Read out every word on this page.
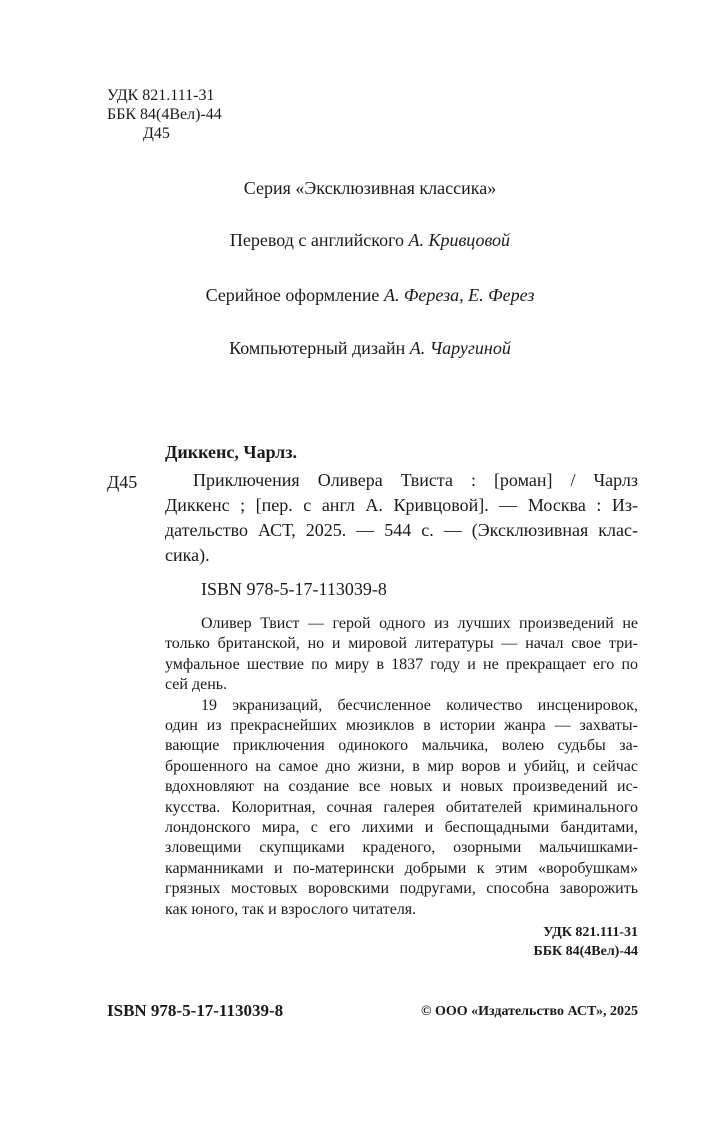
УДК 821.111-31
ББК 84(4Вел)-44
Д45
Серия «Эксклюзивная классика»
Перевод с английского А. Кривцовой
Серийное оформление А. Фереза, Е. Ферез
Компьютерный дизайн А. Чаругиной
Диккенс, Чарлз.
Д45	Приключения Оливера Твиста : [роман] / Чарлз
Диккенс ; [пер. с англ А. Кривцовой]. — Москва : Из-
дательство АСТ, 2025. — 544 с. — (Эксклюзивная клас-
сика).
ISBN 978-5-17-113039-8
Оливер Твист — герой одного из лучших произведений не
только британской, но и мировой литературы — начал свое три-
умфальное шествие по миру в 1837 году и не прекращает его по
сей день.
19 экранизаций, бесчисленное количество инсценировок,
один из прекраснейших мюзиклов в истории жанра — захваты-
вающие приключения одинокого мальчика, волею судьбы за-
брошенного на самое дно жизни, в мир воров и убийц, и сейчас
вдохновляют на создание все новых и новых произведений ис-
кусства. Колоритная, сочная галерея обитателей криминального
лондонского мира, с его лихими и беспощадными бандитами,
зловещими скупщиками краденого, озорными мальчишками-
карманниками и по-матерински добрыми к этим «воробушкам»
грязных мостовых воровскими подругами, способна заворожить
как юного, так и взрослого читателя.
УДК 821.111-31
ББК 84(4Вел)-44
ISBN 978-5-17-113039-8	© ООО «Издательство АСТ», 2025
